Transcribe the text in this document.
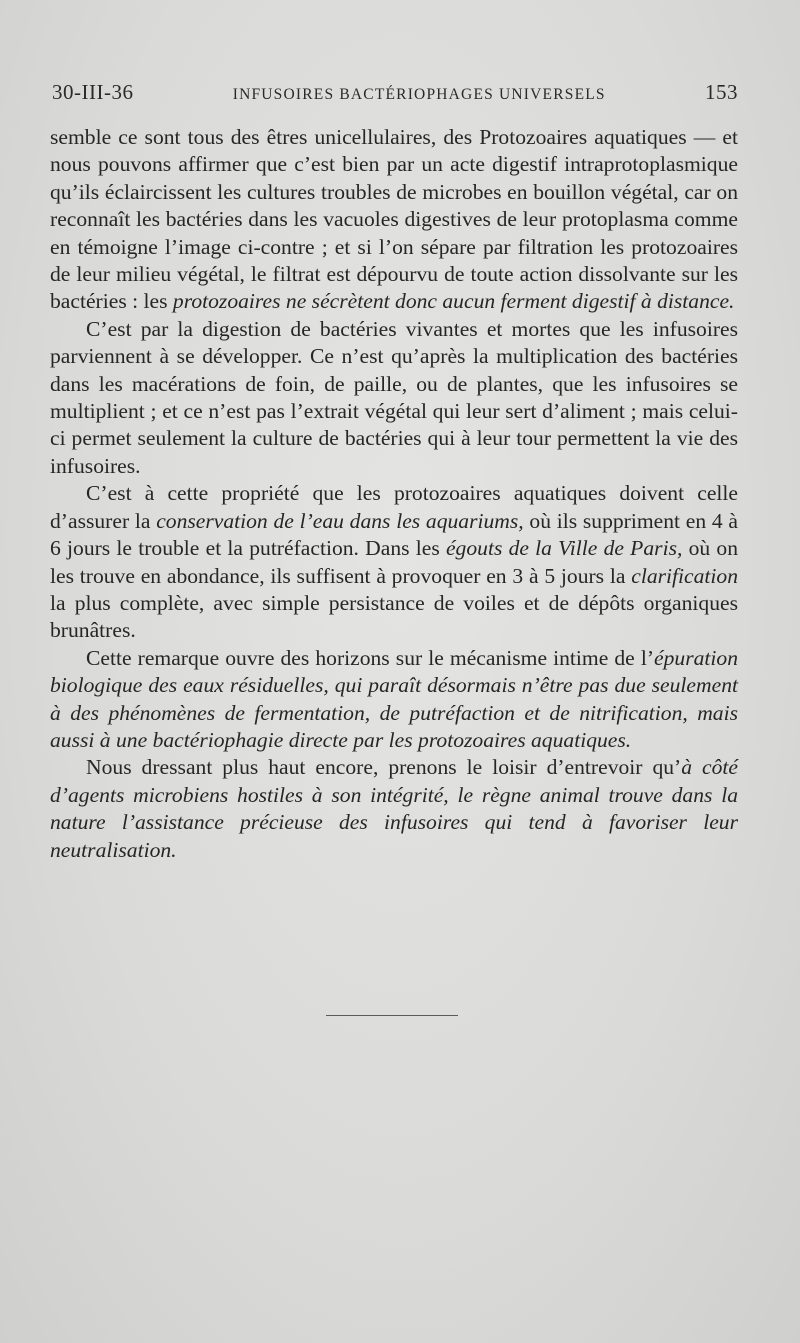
30-III-36	INFUSOIRES BACTÉRIOPHAGES UNIVERSELS	153

semble ce sont tous des êtres unicellulaires, des Protozoaires aquatiques — et nous pouvons affirmer que c’est bien par un acte digestif intraprotoplasmique qu’ils éclaircissent les cultures troubles de microbes en bouillon végétal, car on reconnaît les bactéries dans les vacuoles digestives de leur protoplasma comme en témoigne l’image ci-contre ; et si l’on sépare par filtration les protozoaires de leur milieu végétal, le filtrat est dépourvu de toute action dissolvante sur les bactéries : les protozoaires ne sécrètent donc aucun ferment digestif à distance.

C’est par la digestion de bactéries vivantes et mortes que les infusoires parviennent à se développer. Ce n’est qu’après la multiplication des bactéries dans les macérations de foin, de paille, ou de plantes, que les infusoires se multiplient ; et ce n’est pas l’extrait végétal qui leur sert d’aliment ; mais celui-ci permet seulement la culture de bactéries qui à leur tour permettent la vie des infusoires.

C’est à cette propriété que les protozoaires aquatiques doivent celle d’assurer la conservation de l’eau dans les aquariums, où ils suppriment en 4 à 6 jours le trouble et la putréfaction. Dans les égouts de la Ville de Paris, où on les trouve en abondance, ils suffisent à provoquer en 3 à 5 jours la clarification la plus complète, avec simple persistance de voiles et de dépôts organiques brunâtres.

Cette remarque ouvre des horizons sur le mécanisme intime de l’épuration biologique des eaux résiduelles, qui paraît désormais n’être pas due seulement à des phénomènes de fermentation, de putréfaction et de nitrification, mais aussi à une bactériophagie directe par les protozoaires aquatiques.

Nous dressant plus haut encore, prenons le loisir d’entrevoir qu’à côté d’agents microbiens hostiles à son intégrité, le règne animal trouve dans la nature l’assistance précieuse des infusoires qui tend à favoriser leur neutralisation.
